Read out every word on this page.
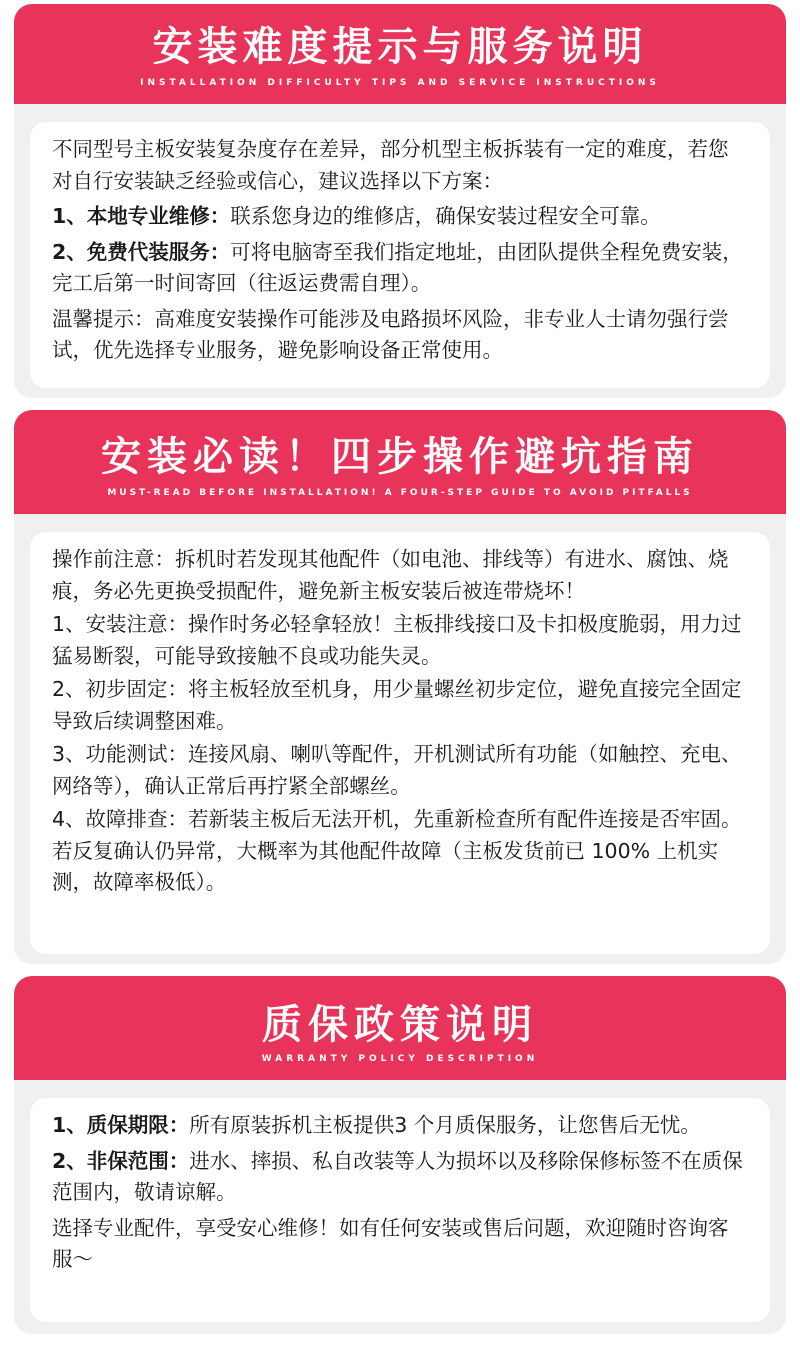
安装难度提示与服务说明
INSTALLATION DIFFICULTY TIPS AND SERVICE INSTRUCTIONS

不同型号主板安装复杂度存在差异，部分机型主板拆装有一定的难度，若您对自行安装缺乏经验或信心，建议选择以下方案：

1、本地专业维修：联系您身边的维修店，确保安装过程安全可靠。

2、免费代装服务：可将电脑寄至我们指定地址，由团队提供全程免费安装，完工后第一时间寄回（往返运费需自理）。

温馨提示：高难度安装操作可能涉及电路损坏风险，非专业人士请勿强行尝试，优先选择专业服务，避免影响设备正常使用。

安装必读！四步操作避坑指南
MUST-READ BEFORE INSTALLATION! A FOUR-STEP GUIDE TO AVOID PITFALLS

操作前注意：拆机时若发现其他配件（如电池、排线等）有进水、腐蚀、烧痕，务必先更换受损配件，避免新主板安装后被连带烧坏！

1、安装注意：操作时务必轻拿轻放！主板排线接口及卡扣极度脆弱，用力过猛易断裂，可能导致接触不良或功能失灵。

2、初步固定：将主板轻放至机身，用少量螺丝初步定位，避免直接完全固定导致后续调整困难。

3、功能测试：连接风扇、喇叭等配件，开机测试所有功能（如触控、充电、网络等），确认正常后再拧紧全部螺丝。

4、故障排查：若新装主板后无法开机，先重新检查所有配件连接是否牢固。若反复确认仍异常，大概率为其他配件故障（主板发货前已 100% 上机实测，故障率极低）。

质保政策说明
WARRANTY POLICY DESCRIPTION

1、质保期限：所有原装拆机主板提供3 个月质保服务，让您售后无忧。

2、非保范围：进水、摔损、私自改装等人为损坏以及移除保修标签不在质保范围内，敬请谅解。

选择专业配件，享受安心维修！如有任何安装或售后问题，欢迎随时咨询客服～
